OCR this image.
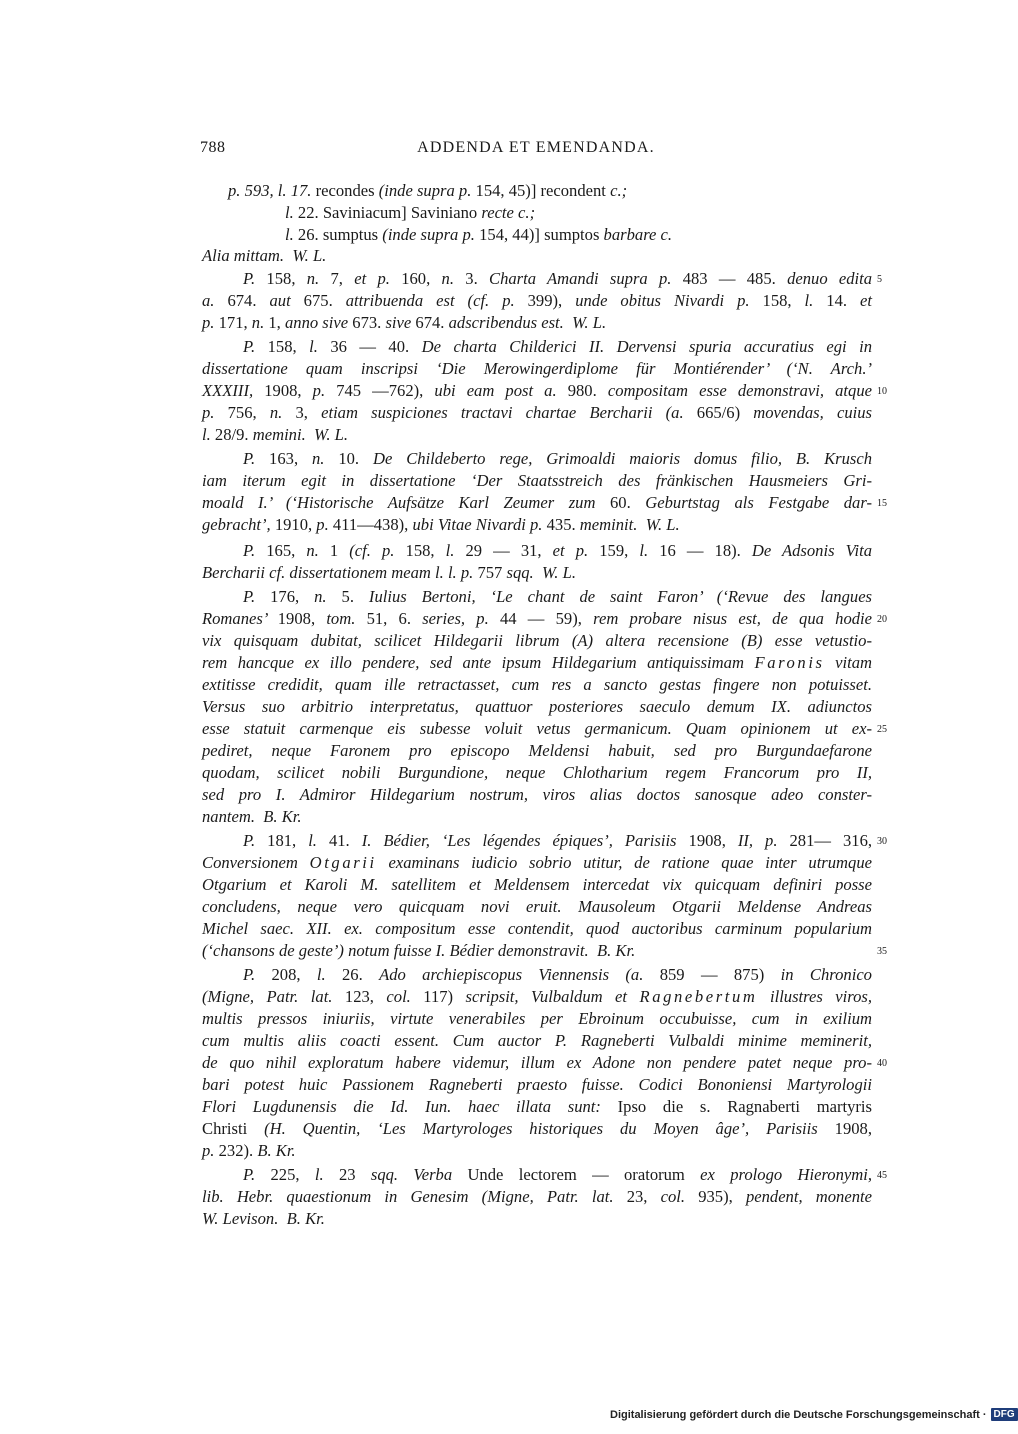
788	ADDENDA ET EMENDANDA.
p. 593, l. 17. recondes (inde supra p. 154, 45)] recondent c.;
l. 22. Saviniacum] Saviniano recte c.;
l. 26. sumptus (inde supra p. 154, 44)] sumptos barbare c.
Alia mittam.  W. L.
P. 158, n. 7, et p. 160, n. 3. Charta Amandi supra p. 483 — 485. denuo edita 5
a. 674. aut 675. attribuenda est (cf. p. 399), unde obitus Nivardi p. 158, l. 14. et
p. 171, n. 1, anno sive 673. sive 674. adscribendus est.  W. L.
P. 158, l. 36 — 40. De charta Childerici II. Dervensi spuria accuratius egi in
dissertatione quam inscripsi ‘Die Merowingerdiplome für Montiérender’ (‘N. Arch.’
XXXIII, 1908, p. 745 —762), ubi eam post a. 980. compositam esse demonstravi, atque 10
p. 756, n. 3, etiam suspiciones tractavi chartae Bercharii (a. 665/6) movendas, cuius
l. 28/9. memini.  W. L.
P. 163, n. 10. De Childeberto rege, Grimoaldi maioris domus filio, B. Krusch
iam iterum egit in dissertatione ‘Der Staatsstreich des fränkischen Hausmeiers Gri-
moald I.’ (‘Historische Aufsätze Karl Zeumer zum 60. Geburtstag als Festgabe dar- 15
gebracht’, 1910, p. 411—438), ubi Vitae Nivardi p. 435. meminit.  W. L.
P. 165, n. 1 (cf. p. 158, l. 29 — 31, et p. 159, l. 16 — 18). De Adsonis Vita
Bercharii cf. dissertationem meam l. l. p. 757 sqq.  W. L.
P. 176, n. 5. Iulius Bertoni, ‘Le chant de saint Faron’ (‘Revue des langues
Romanes’ 1908, tom. 51, 6. series, p. 44 — 59), rem probare nisus est, de qua hodie 20
vix quisquam dubitat, scilicet Hildegarii librum (A) altera recensione (B) esse vetustio-
rem hancque ex illo pendere, sed ante ipsum Hildegarium antiquissimam Faronis vitam
extitisse credidit, quam ille retractasset, cum res a sancto gestas fingere non potuisset.
Versus suo arbitrio interpretatus, quattuor posteriores saeculo demum IX. adiunctos
esse statuit carmenque eis subesse voluit vetus germanicum. Quam opinionem ut ex- 25
pediret, neque Faronem pro episcopo Meldensi habuit, sed pro Burgundaefarone
quodam, scilicet nobili Burgundione, neque Chlotharium regem Francorum pro II,
sed pro I. Admiror Hildegarium nostrum, viros alias doctos sanosque adeo conster-
nantem.  B. Kr.
P. 181, l. 41. I. Bédier, ‘Les légendes épiques’, Parisiis 1908, II, p. 281— 316, 30
Conversionem Otgarii examinans iudicio sobrio utitur, de ratione quae inter utrumque
Otgarium et Karoli M. satellitem et Meldensem intercedat vix quicquam definiri posse
concludens, neque vero quicquam novi eruit. Mausoleum Otgarii Meldense Andreas
Michel saec. XII. ex. compositum esse contendit, quod auctoribus carminum popularium
(‘chansons de geste’) notum fuisse I. Bédier demonstravit.  B. Kr.	35
P. 208, l. 26. Ado archiepiscopus Viennensis (a. 859 — 875) in Chronico
(Migne, Patr. lat. 123, col. 117) scripsit, Vulbaldum et Ragnebertum illustres viros,
multis pressos iniuriis, virtute venerabiles per Ebroinum occubuisse, cum in exilium
cum multis aliis coacti essent. Cum auctor P. Ragneberti Vulbaldi minime meminerit,
de quo nihil exploratum habere videmur, illum ex Adone non pendere patet neque pro- 40
bari potest huic Passionem Ragneberti praesto fuisse. Codici Bononiensi Martyrologii
Flori Lugdunensis die Id. Iun. haec illata sunt: Ipso die s. Ragnaberti martyris
Christi (H. Quentin, ‘Les Martyrologes historiques du Moyen âge’, Parisiis 1908,
p. 232). B. Kr.
P. 225, l. 23 sqq. Verba Unde lectorem — oratorum ex prologo Hieronymi, 45
lib. Hebr. quaestionum in Genesim (Migne, Patr. lat. 23, col. 935), pendent, monente
W. Levison.  B. Kr.
Digitalisierung gefördert durch die Deutsche Forschungsgemeinschaft · DFG
